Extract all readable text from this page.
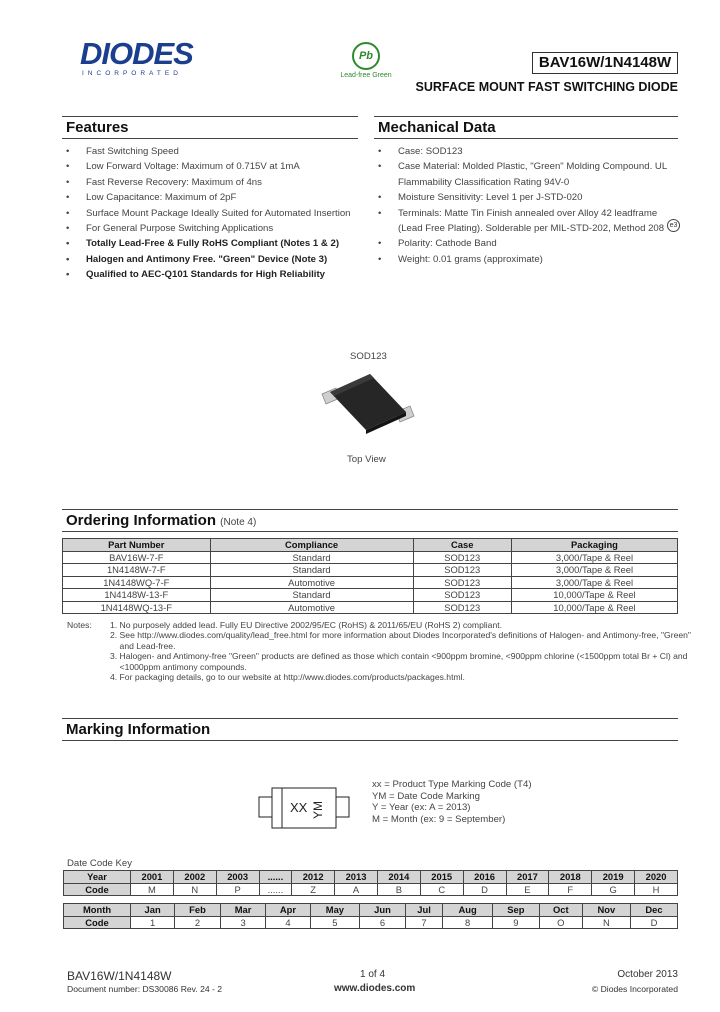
DIODES
INCORPORATED
Pb
Lead-free Green
BAV16W/1N4148W
SURFACE MOUNT FAST SWITCHING DIODE
Features
• Fast Switching Speed
• Low Forward Voltage: Maximum of 0.715V at 1mA
• Fast Reverse Recovery: Maximum of 4ns
• Low Capacitance: Maximum of 2pF
• Surface Mount Package Ideally Suited for Automated Insertion
• For General Purpose Switching Applications
• Totally Lead-Free & Fully RoHS Compliant (Notes 1 & 2)
• Halogen and Antimony Free. "Green" Device (Note 3)
• Qualified to AEC-Q101 Standards for High Reliability
Mechanical Data
• Case: SOD123
• Case Material: Molded Plastic, "Green" Molding Compound. UL
Flammability Classification Rating 94V-0
• Moisture Sensitivity: Level 1 per J-STD-020
• Terminals: Matte Tin Finish annealed over Alloy 42 leadframe
(Lead Free Plating). Solderable per MIL-STD-202, Method 208
• Polarity: Cathode Band
• Weight: 0.01 grams (approximate)
e3
SOD123
Top View
Ordering Information (Note 4)
Part Number	Compliance	Case	Packaging
BAV16W-7-F	Standard	SOD123	3,000/Tape & Reel
1N4148W-7-F	Standard	SOD123	3,000/Tape & Reel
1N4148WQ-7-F	Automotive	SOD123	3,000/Tape & Reel
1N4148W-13-F	Standard	SOD123	10,000/Tape & Reel
1N4148WQ-13-F	Automotive	SOD123	10,000/Tape & Reel
Notes: 1. No purposely added lead. Fully EU Directive 2002/95/EC (RoHS) & 2011/65/EU (RoHS 2) compliant.
2. See http://www.diodes.com/quality/lead_free.html for more information about Diodes Incorporated's definitions of Halogen- and Antimony-free, "Green"
and Lead-free.
3. Halogen- and Antimony-free "Green" products are defined as those which contain <900ppm bromine, <900ppm chlorine (<1500ppm total Br + Cl) and
<1000ppm antimony compounds.
4. For packaging details, go to our website at http://www.diodes.com/products/packages.html.
Marking Information
XX YM
xx = Product Type Marking Code (T4)
YM = Date Code Marking
Y = Year (ex: A = 2013)
M = Month (ex: 9 = September)
Date Code Key
Year	2001	2002	2003	......	2012	2013	2014	2015	2016	2017	2018	2019	2020
Code	M	N	P	......	Z	A	B	C	D	E	F	G	H
Month	Jan	Feb	Mar	Apr	May	Jun	Jul	Aug	Sep	Oct	Nov	Dec
Code	1	2	3	4	5	6	7	8	9	O	N	D
BAV16W/1N4148W
Document number: DS30086 Rev. 24 - 2
1 of 4
www.diodes.com
October 2013
© Diodes Incorporated
